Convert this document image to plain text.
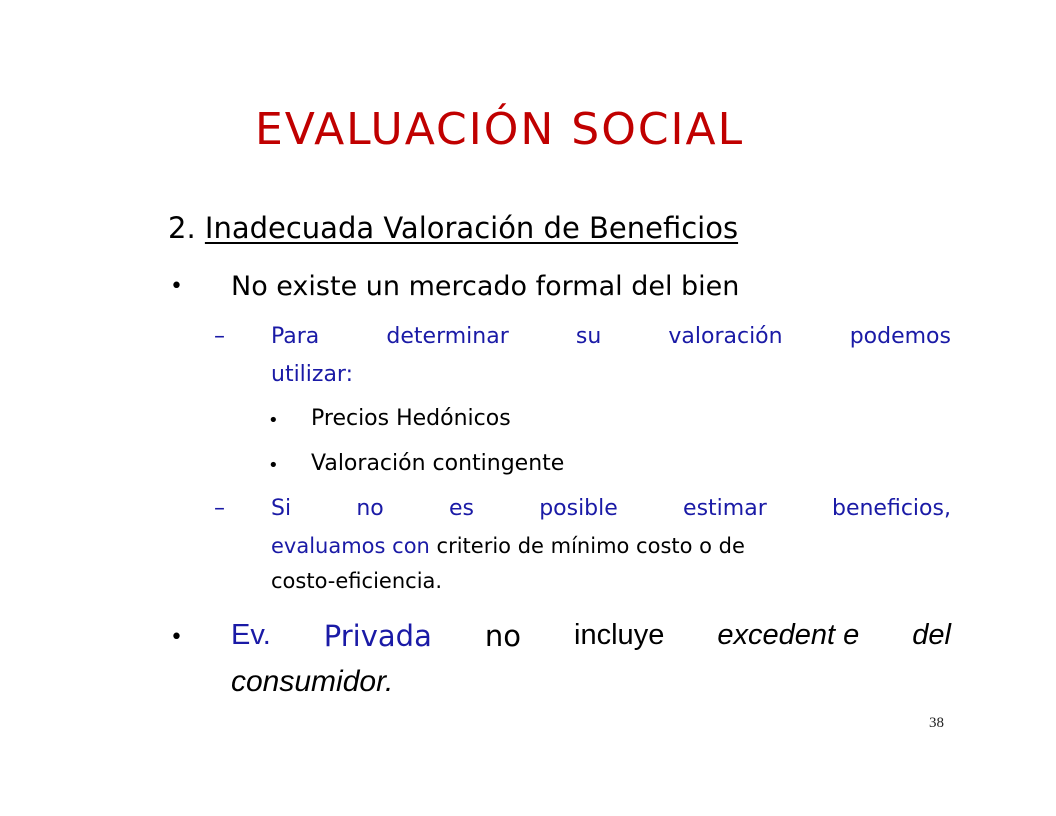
EVALUACIÓN SOCIAL
2. Inadecuada Valoración de Beneficios
• No existe un mercado formal del bien
– Para	determinar	su	valoración	podemos
utilizar:
• Precios Hedónicos
• Valoración contingente
– Si	no	es	posible	estimar	beneficios,
evaluamos con criterio de mínimo costo o de
costo-eficiencia.
• Ev. Privada no incluye excedent e del
consumidor.
38
